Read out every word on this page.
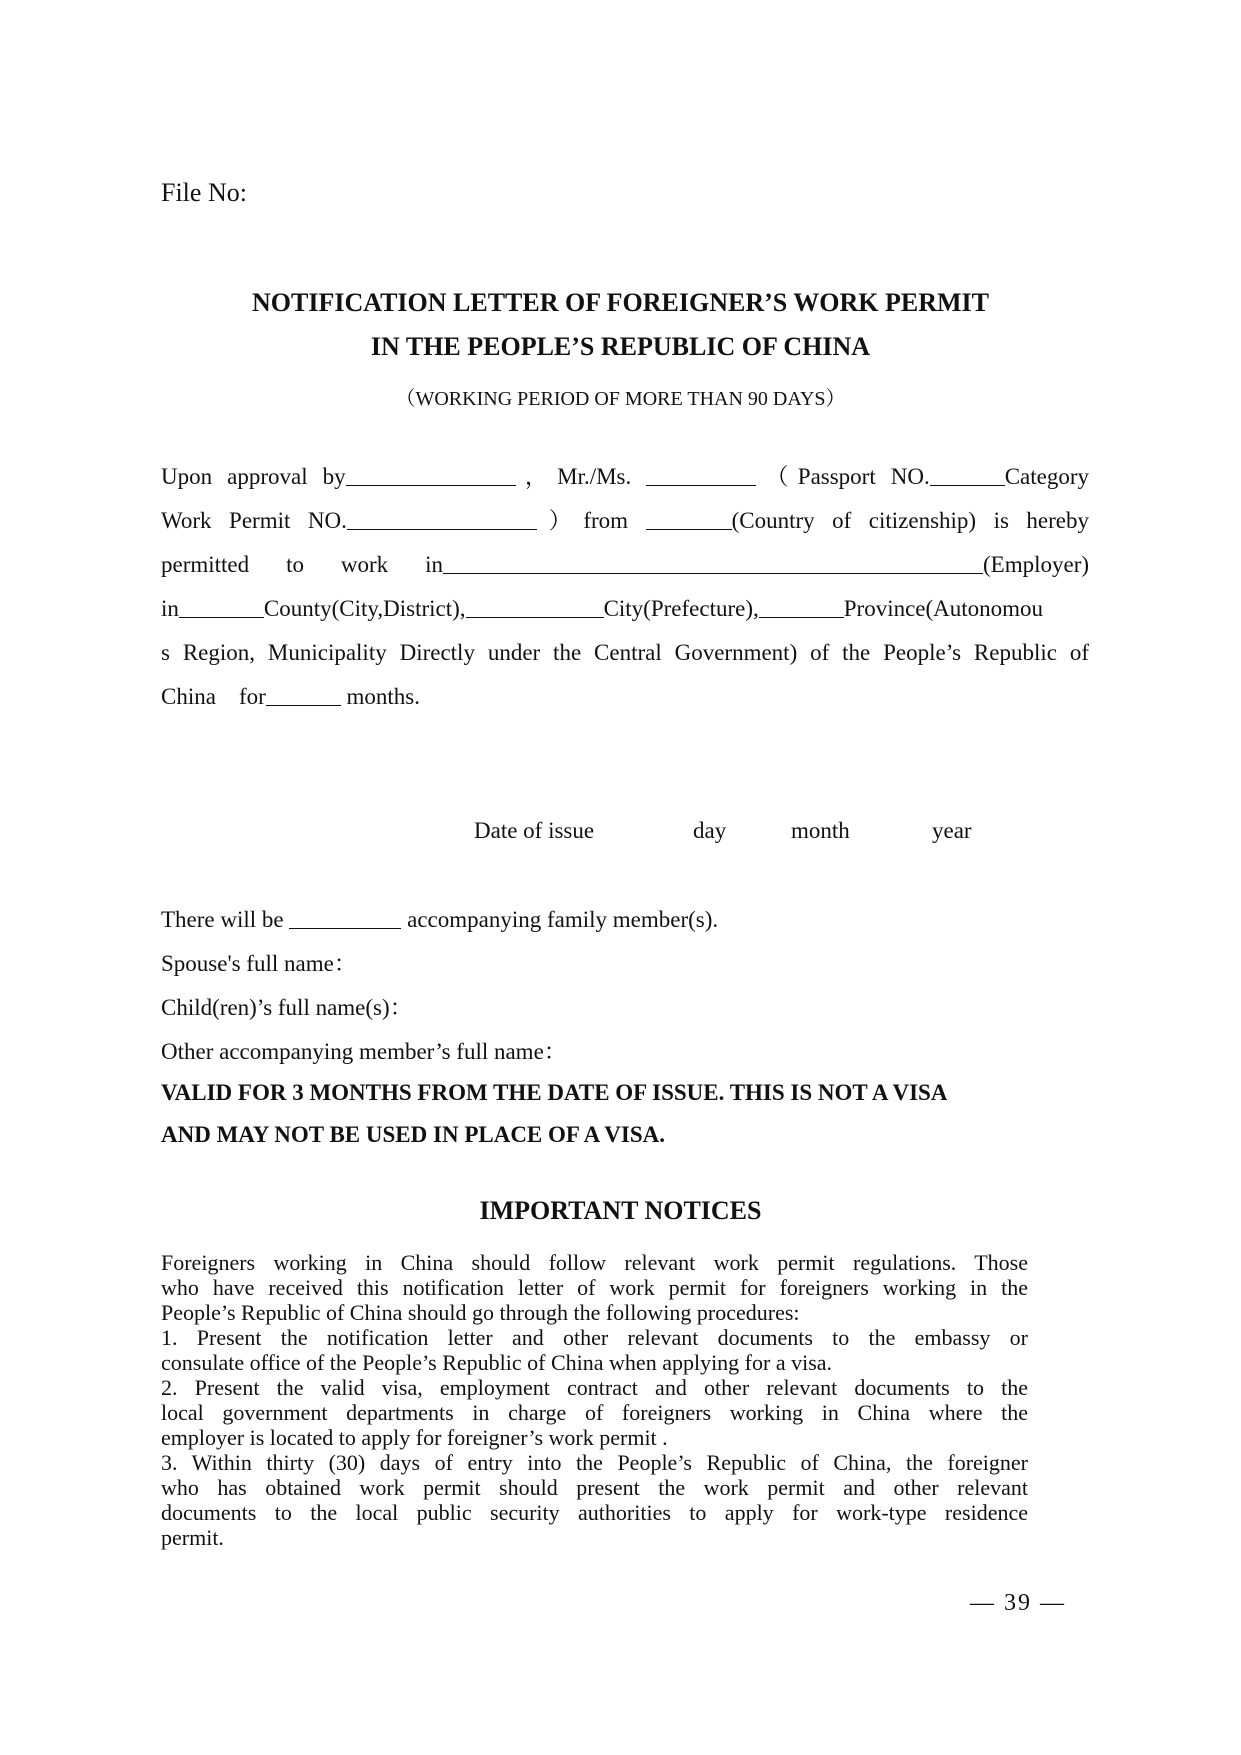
File No:
NOTIFICATION LETTER OF FOREIGNER’S WORK PERMIT
IN THE PEOPLE’S REPUBLIC OF CHINA
（WORKING PERIOD OF MORE THAN 90 DAYS）
Upon approval by	，Mr./Ms.	（Passport NO.	Category
Work Permit NO.	）from	(Country of citizenship) is hereby
permitted to work in	(Employer)
in	County(City,District),	City(Prefecture),	Province(Autonomou
s Region, Municipality Directly under the Central Government) of the People’s Republic of
China for	months.
Date of issue	day	month	year
There will be	accompanying family member(s).
Spouse's full name：
Child(ren)’s full name(s)：
Other accompanying member’s full name：
VALID FOR 3 MONTHS FROM THE DATE OF ISSUE. THIS IS NOT A VISA
AND MAY NOT BE USED IN PLACE OF A VISA.
IMPORTANT NOTICES
Foreigners working in China should follow relevant work permit regulations. Those
who have received this notification letter of work permit for foreigners working in the
People’s Republic of China should go through the following procedures:
1. Present the notification letter and other relevant documents to the embassy or
consulate office of the People’s Republic of China when applying for a visa.
2. Present the valid visa, employment contract and other relevant documents to the
local government departments in charge of foreigners working in China where the
employer is located to apply for foreigner’s work permit .
3. Within thirty (30) days of entry into the People’s Republic of China, the foreigner
who has obtained work permit should present the work permit and other relevant
documents to the local public security authorities to apply for work-type residence
permit.
— 39 —
